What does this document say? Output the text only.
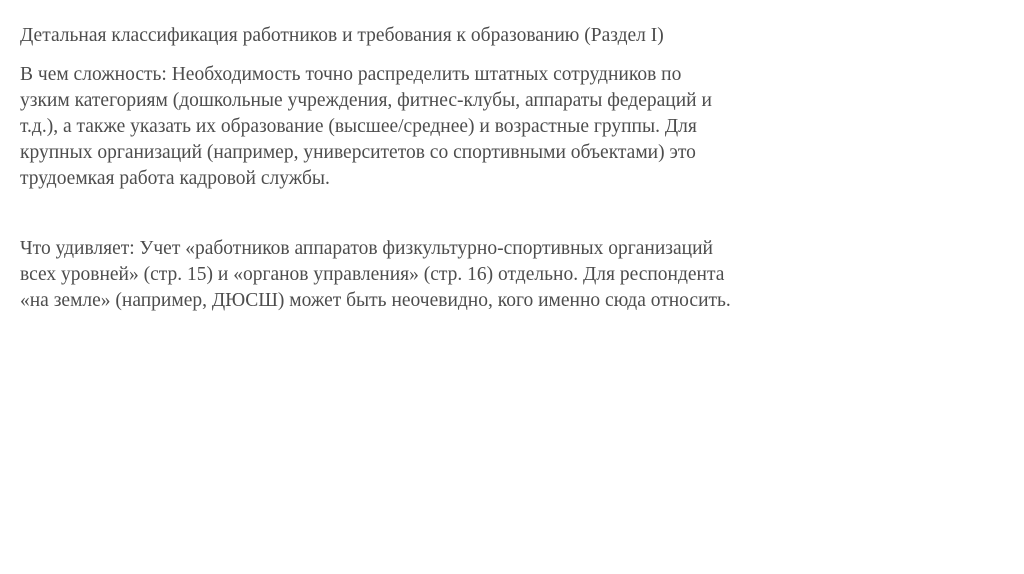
Детальная классификация работников и требования к образованию (Раздел I)

В чем сложность: Необходимость точно распределить штатных сотрудников по
узким категориям (дошкольные учреждения, фитнес-клубы, аппараты федераций и
т.д.), а также указать их образование (высшее/среднее) и возрастные группы. Для
крупных организаций (например, университетов со спортивными объектами) это
трудоемкая работа кадровой службы.

Что удивляет: Учет «работников аппаратов физкультурно-спортивных организаций
всех уровней» (стр. 15) и «органов управления» (стр. 16) отдельно. Для респондента
«на земле» (например, ДЮСШ) может быть неочевидно, кого именно сюда относить.
